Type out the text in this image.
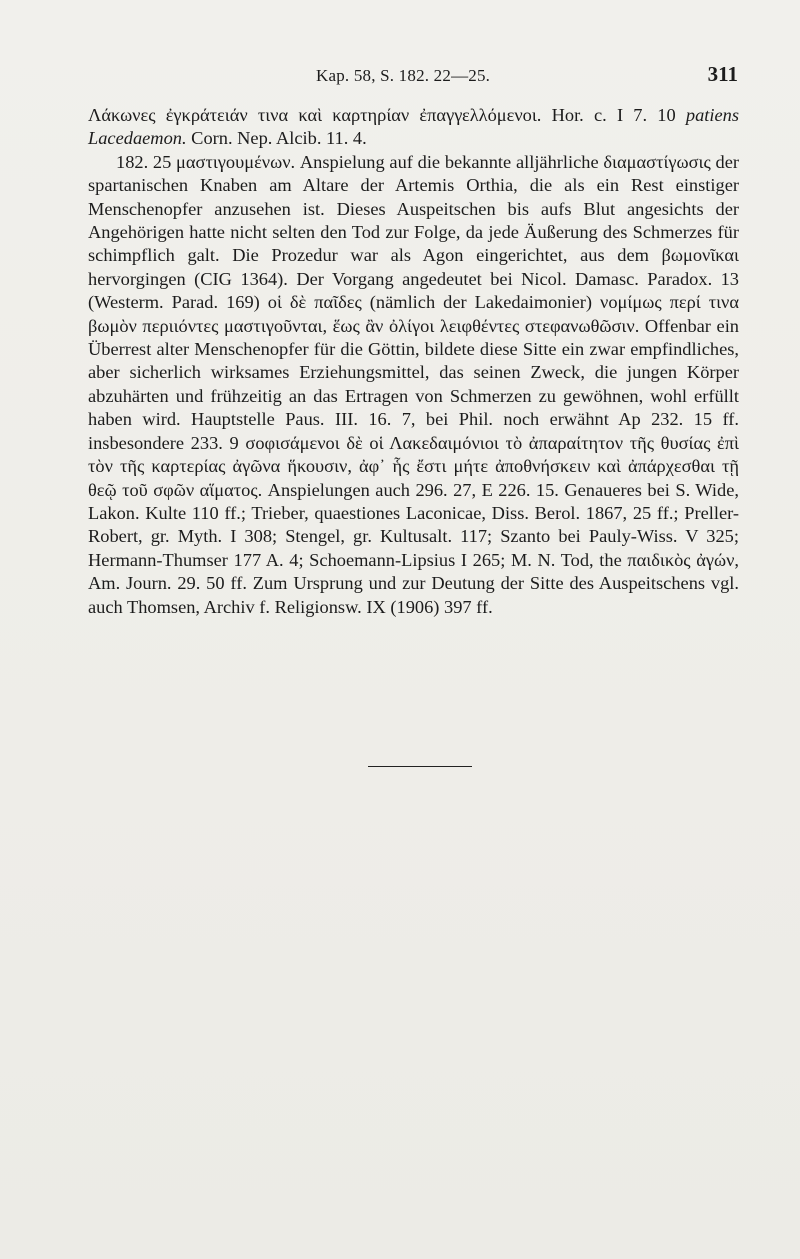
Kap. 58, S. 182. 22—25.	311

Λάκωνες ἐγκράτειάν τινα καὶ καρτηρίαν ἐπαγγελλόμενοι. Hor. c. I 7. 10 patiens Lacedaemon. Corn. Nep. Alcib. 11. 4.

182. 25 μαστιγουμένων. Anspielung auf die bekannte alljährliche διαμαστίγωσις der spartanischen Knaben am Altare der Artemis Orthia, die als ein Rest einstiger Menschenopfer anzusehen ist. Dieses Auspeitschen bis aufs Blut angesichts der Angehörigen hatte nicht selten den Tod zur Folge, da jede Äußerung des Schmerzes für schimpflich galt. Die Prozedur war als Agon eingerichtet, aus dem βωμονῖκαι hervorgingen (CIG 1364). Der Vorgang angedeutet bei Nicol. Damasc. Paradox. 13 (Westerm. Parad. 169) οἱ δὲ παῖδες (nämlich der Lakedaimonier) νομίμως περί τινα βωμὸν περιιόντες μαστιγοῦνται, ἕως ἂν ὀλίγοι λειφθέντες στεφανωθῶσιν. Offenbar ein Überrest alter Menschenopfer für die Göttin, bildete diese Sitte ein zwar empfindliches, aber sicherlich wirksames Erziehungsmittel, das seinen Zweck, die jungen Körper abzuhärten und frühzeitig an das Ertragen von Schmerzen zu gewöhnen, wohl erfüllt haben wird. Hauptstelle Paus. III. 16. 7, bei Phil. noch erwähnt Ap 232. 15 ff. insbesondere 233. 9 σοφισάμενοι δὲ οἱ Λακεδαιμόνιοι τὸ ἀπαραίτητον τῆς θυσίας ἐπὶ τὸν τῆς καρτερίας ἀγῶνα ἥκουσιν, ἀφ᾽ ἧς ἔστι μήτε ἀποθνήσκειν καὶ ἀπάρχεσθαι τῇ θεῷ τοῦ σφῶν αἵματος. Anspielungen auch 296. 27, E 226. 15. Genaueres bei S. Wide, Lakon. Kulte 110 ff.; Trieber, quaestiones Laconicae, Diss. Berol. 1867, 25 ff.; Preller-Robert, gr. Myth. I 308; Stengel, gr. Kultusalt. 117; Szanto bei Pauly-Wiss. V 325; Hermann-Thumser 177 A. 4; Schoemann-Lipsius I 265; M. N. Tod, the παιδικὸς ἀγών, Am. Journ. 29. 50 ff. Zum Ursprung und zur Deutung der Sitte des Auspeitschens vgl. auch Thomsen, Archiv f. Religionsw. IX (1906) 397 ff.
